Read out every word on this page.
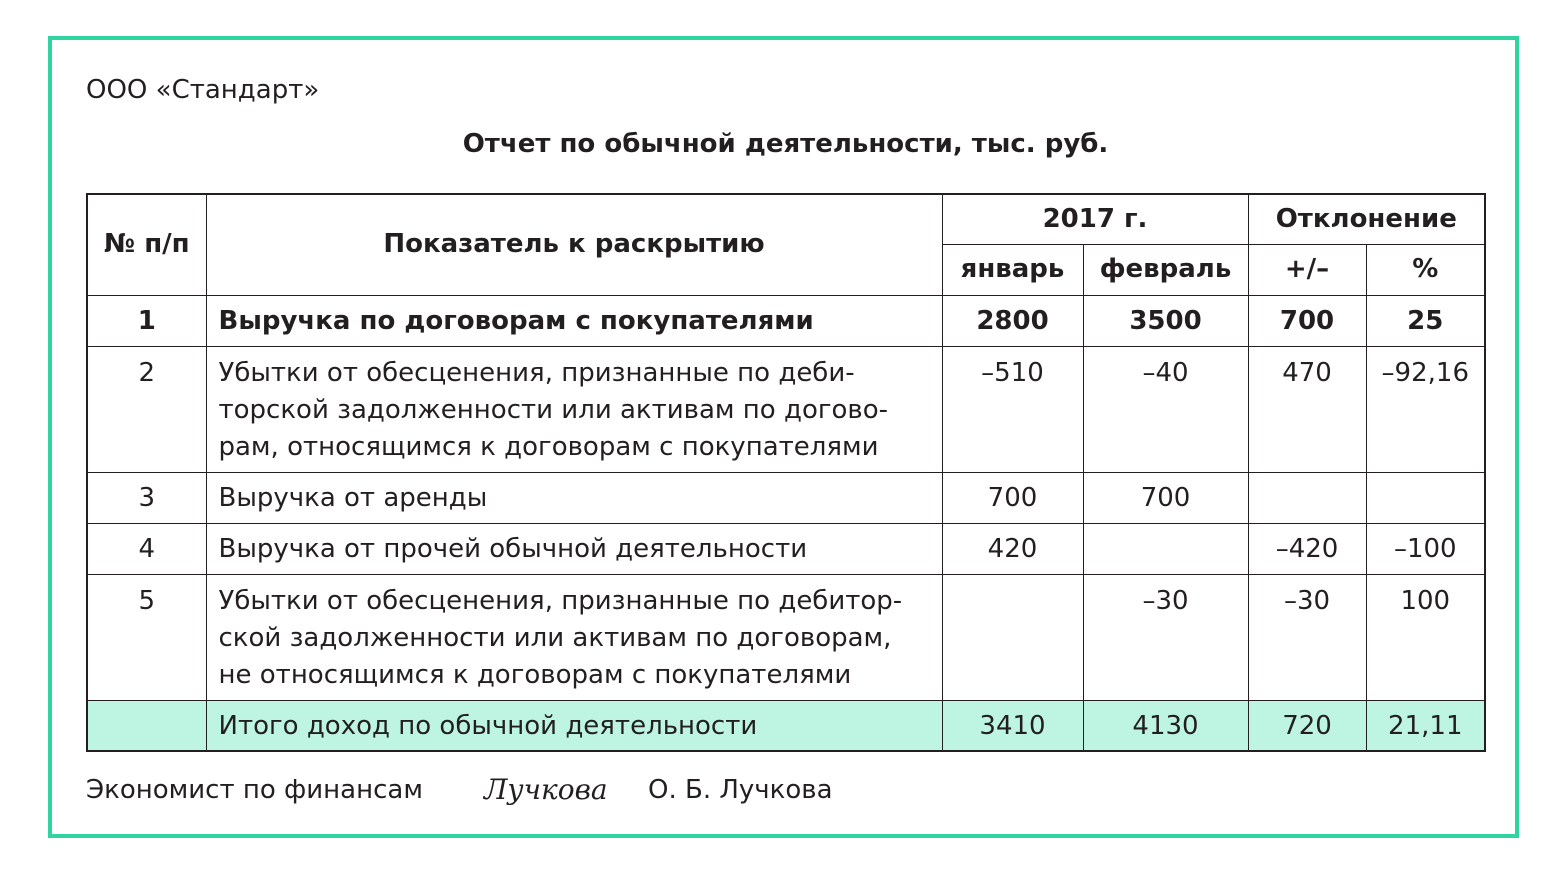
ООО «Стандарт»
Отчет по обычной деятельности, тыс. руб.
№ п/п	Показатель к раскрытию	2017 г.		Отклонение	
		январь	февраль	+/–	%
1	Выручка по договорам с покупателями	2800	3500	700	25
2	Убытки от обесценения, признанные по деби-
торской задолженности или активам по догово-
рам, относящимся к договорам с покупателями	–510	–40	470	–92,16
3	Выручка от аренды	700	700		
4	Выручка от прочей обычной деятельности	420		–420	–100
5	Убытки от обесценения, признанные по дебитор-
ской задолженности или активам по договорам,
не относящимся к договорам с покупателями		–30	–30	100
	Итого доход по обычной деятельности	3410	4130	720	21,11
Экономист по финансам Лучкова О. Б. Лучкова
